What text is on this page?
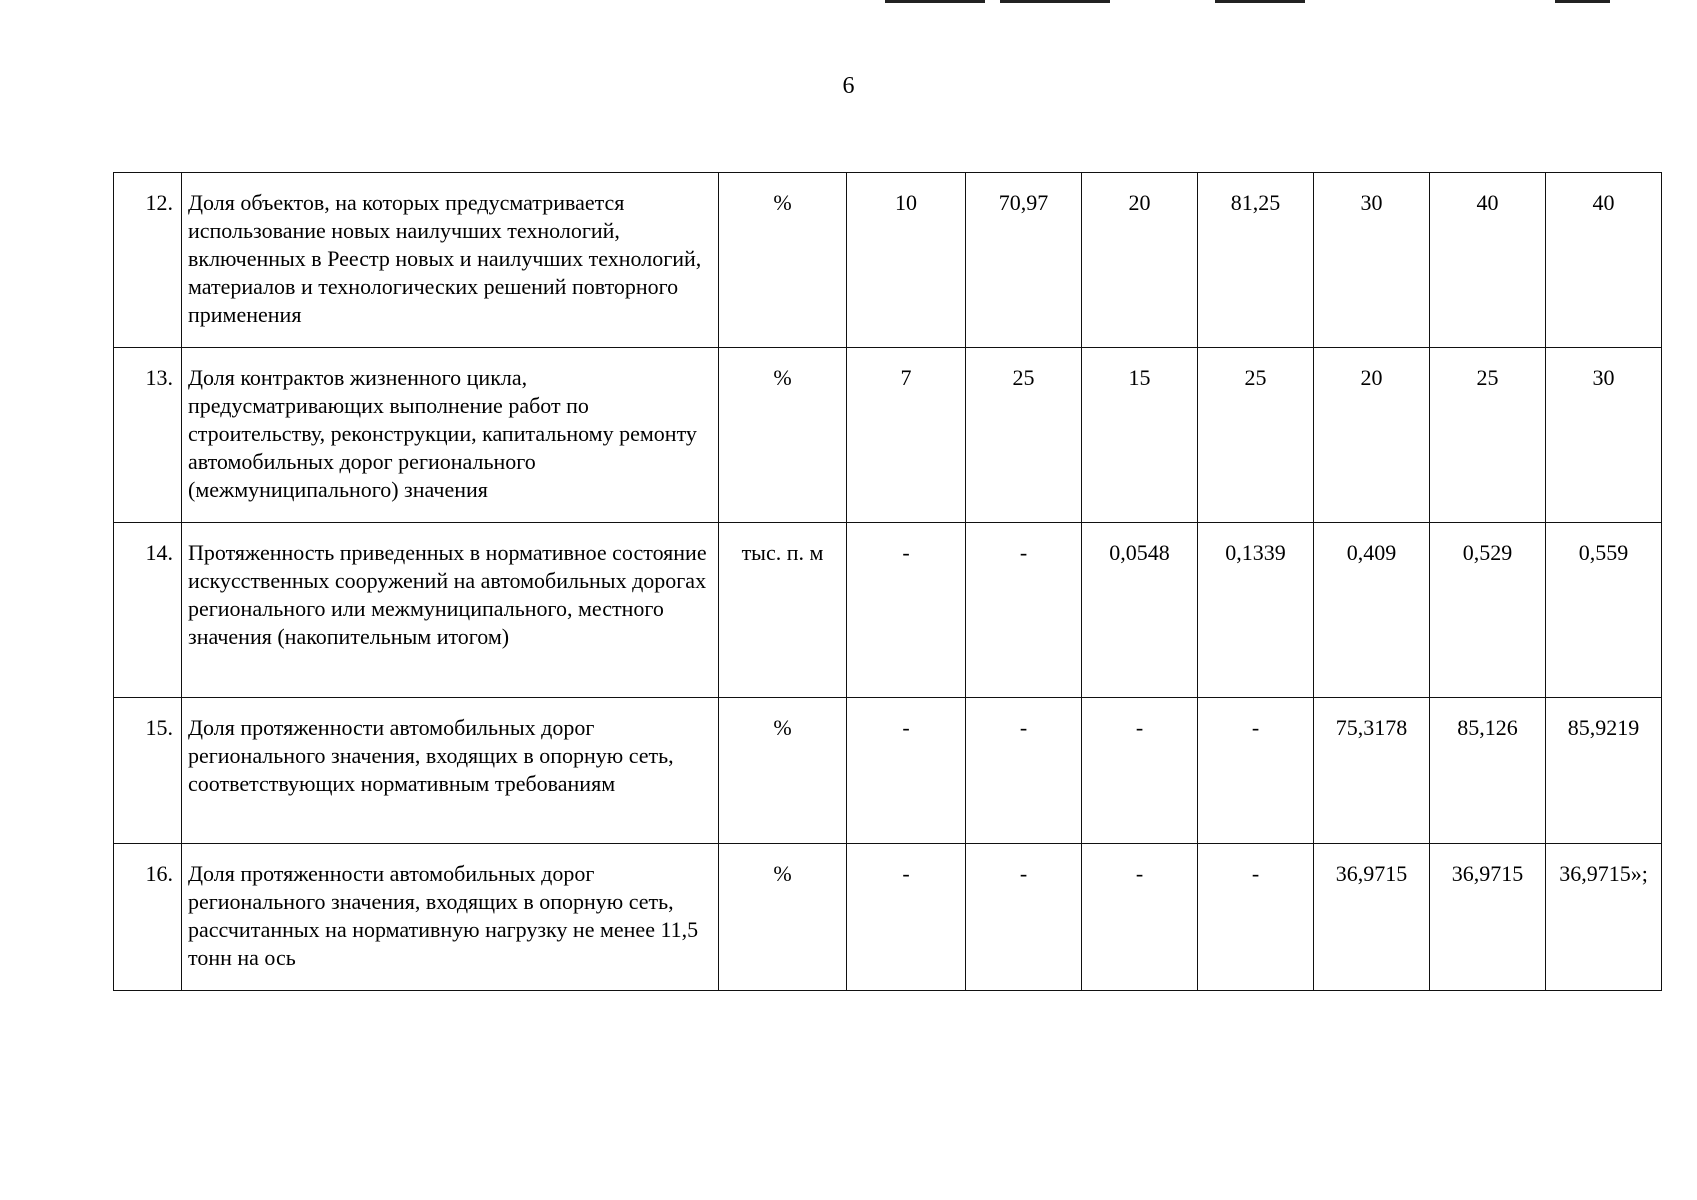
6
12.	Доля объектов, на которых предусматривается использование новых наилучших технологий, включенных в Реестр новых и наилучших технологий, материалов и технологических решений повторного применения	%	10	70,97	20	81,25	30	40	40
13.	Доля контрактов жизненного цикла, предусматривающих выполнение работ по строительству, реконструкции, капитальному ремонту автомобильных дорог регионального (межмуниципального) значения	%	7	25	15	25	20	25	30
14.	Протяженность приведенных в нормативное состояние искусственных сооружений на автомобильных дорогах регионального или межмуниципального, местного значения (накопительным итогом)	тыс. п. м	-	-	0,0548	0,1339	0,409	0,529	0,559
15.	Доля протяженности автомобильных дорог регионального значения, входящих в опорную сеть, соответствующих нормативным требованиям	%	-	-	-	-	75,3178	85,126	85,9219
16.	Доля протяженности автомобильных дорог регионального значения, входящих в опорную сеть, рассчитанных на нормативную нагрузку не менее 11,5 тонн на ось	%	-	-	-	-	36,9715	36,9715	36,9715»;
